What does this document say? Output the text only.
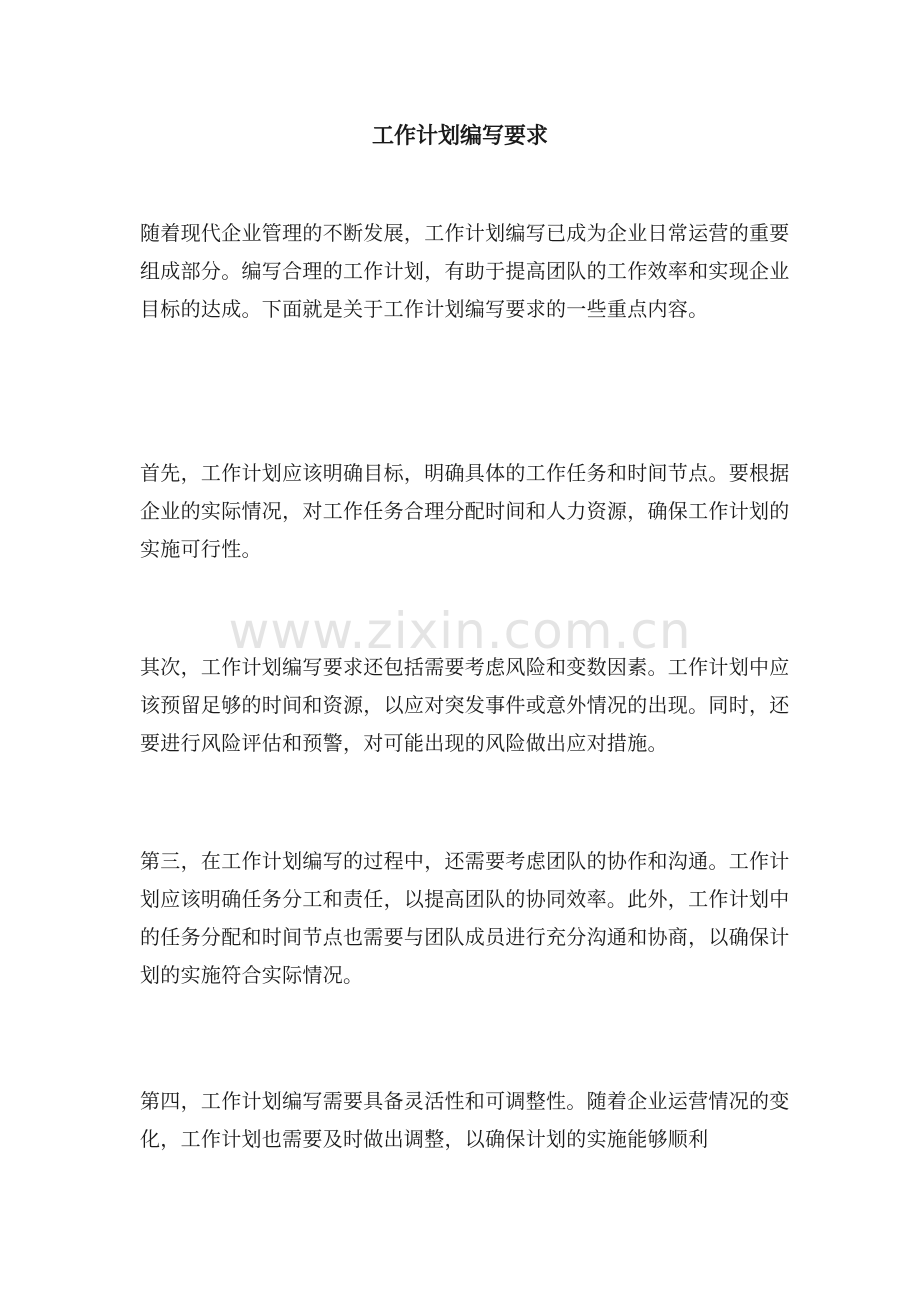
www.zixin.com.cn
工作计划编写要求

随着现代企业管理的不断发展，工作计划编写已成为企业日常运营的重要组成部分。编写合理的工作计划，有助于提高团队的工作效率和实现企业目标的达成。下面就是关于工作计划编写要求的一些重点内容。

首先，工作计划应该明确目标，明确具体的工作任务和时间节点。要根据企业的实际情况，对工作任务合理分配时间和人力资源，确保工作计划的实施可行性。

其次，工作计划编写要求还包括需要考虑风险和变数因素。工作计划中应该预留足够的时间和资源，以应对突发事件或意外情况的出现。同时，还要进行风险评估和预警，对可能出现的风险做出应对措施。

第三，在工作计划编写的过程中，还需要考虑团队的协作和沟通。工作计划应该明确任务分工和责任，以提高团队的协同效率。此外，工作计划中的任务分配和时间节点也需要与团队成员进行充分沟通和协商，以确保计划的实施符合实际情况。

第四，工作计划编写需要具备灵活性和可调整性。随着企业运营情况的变化，工作计划也需要及时做出调整，以确保计划的实施能够顺利
